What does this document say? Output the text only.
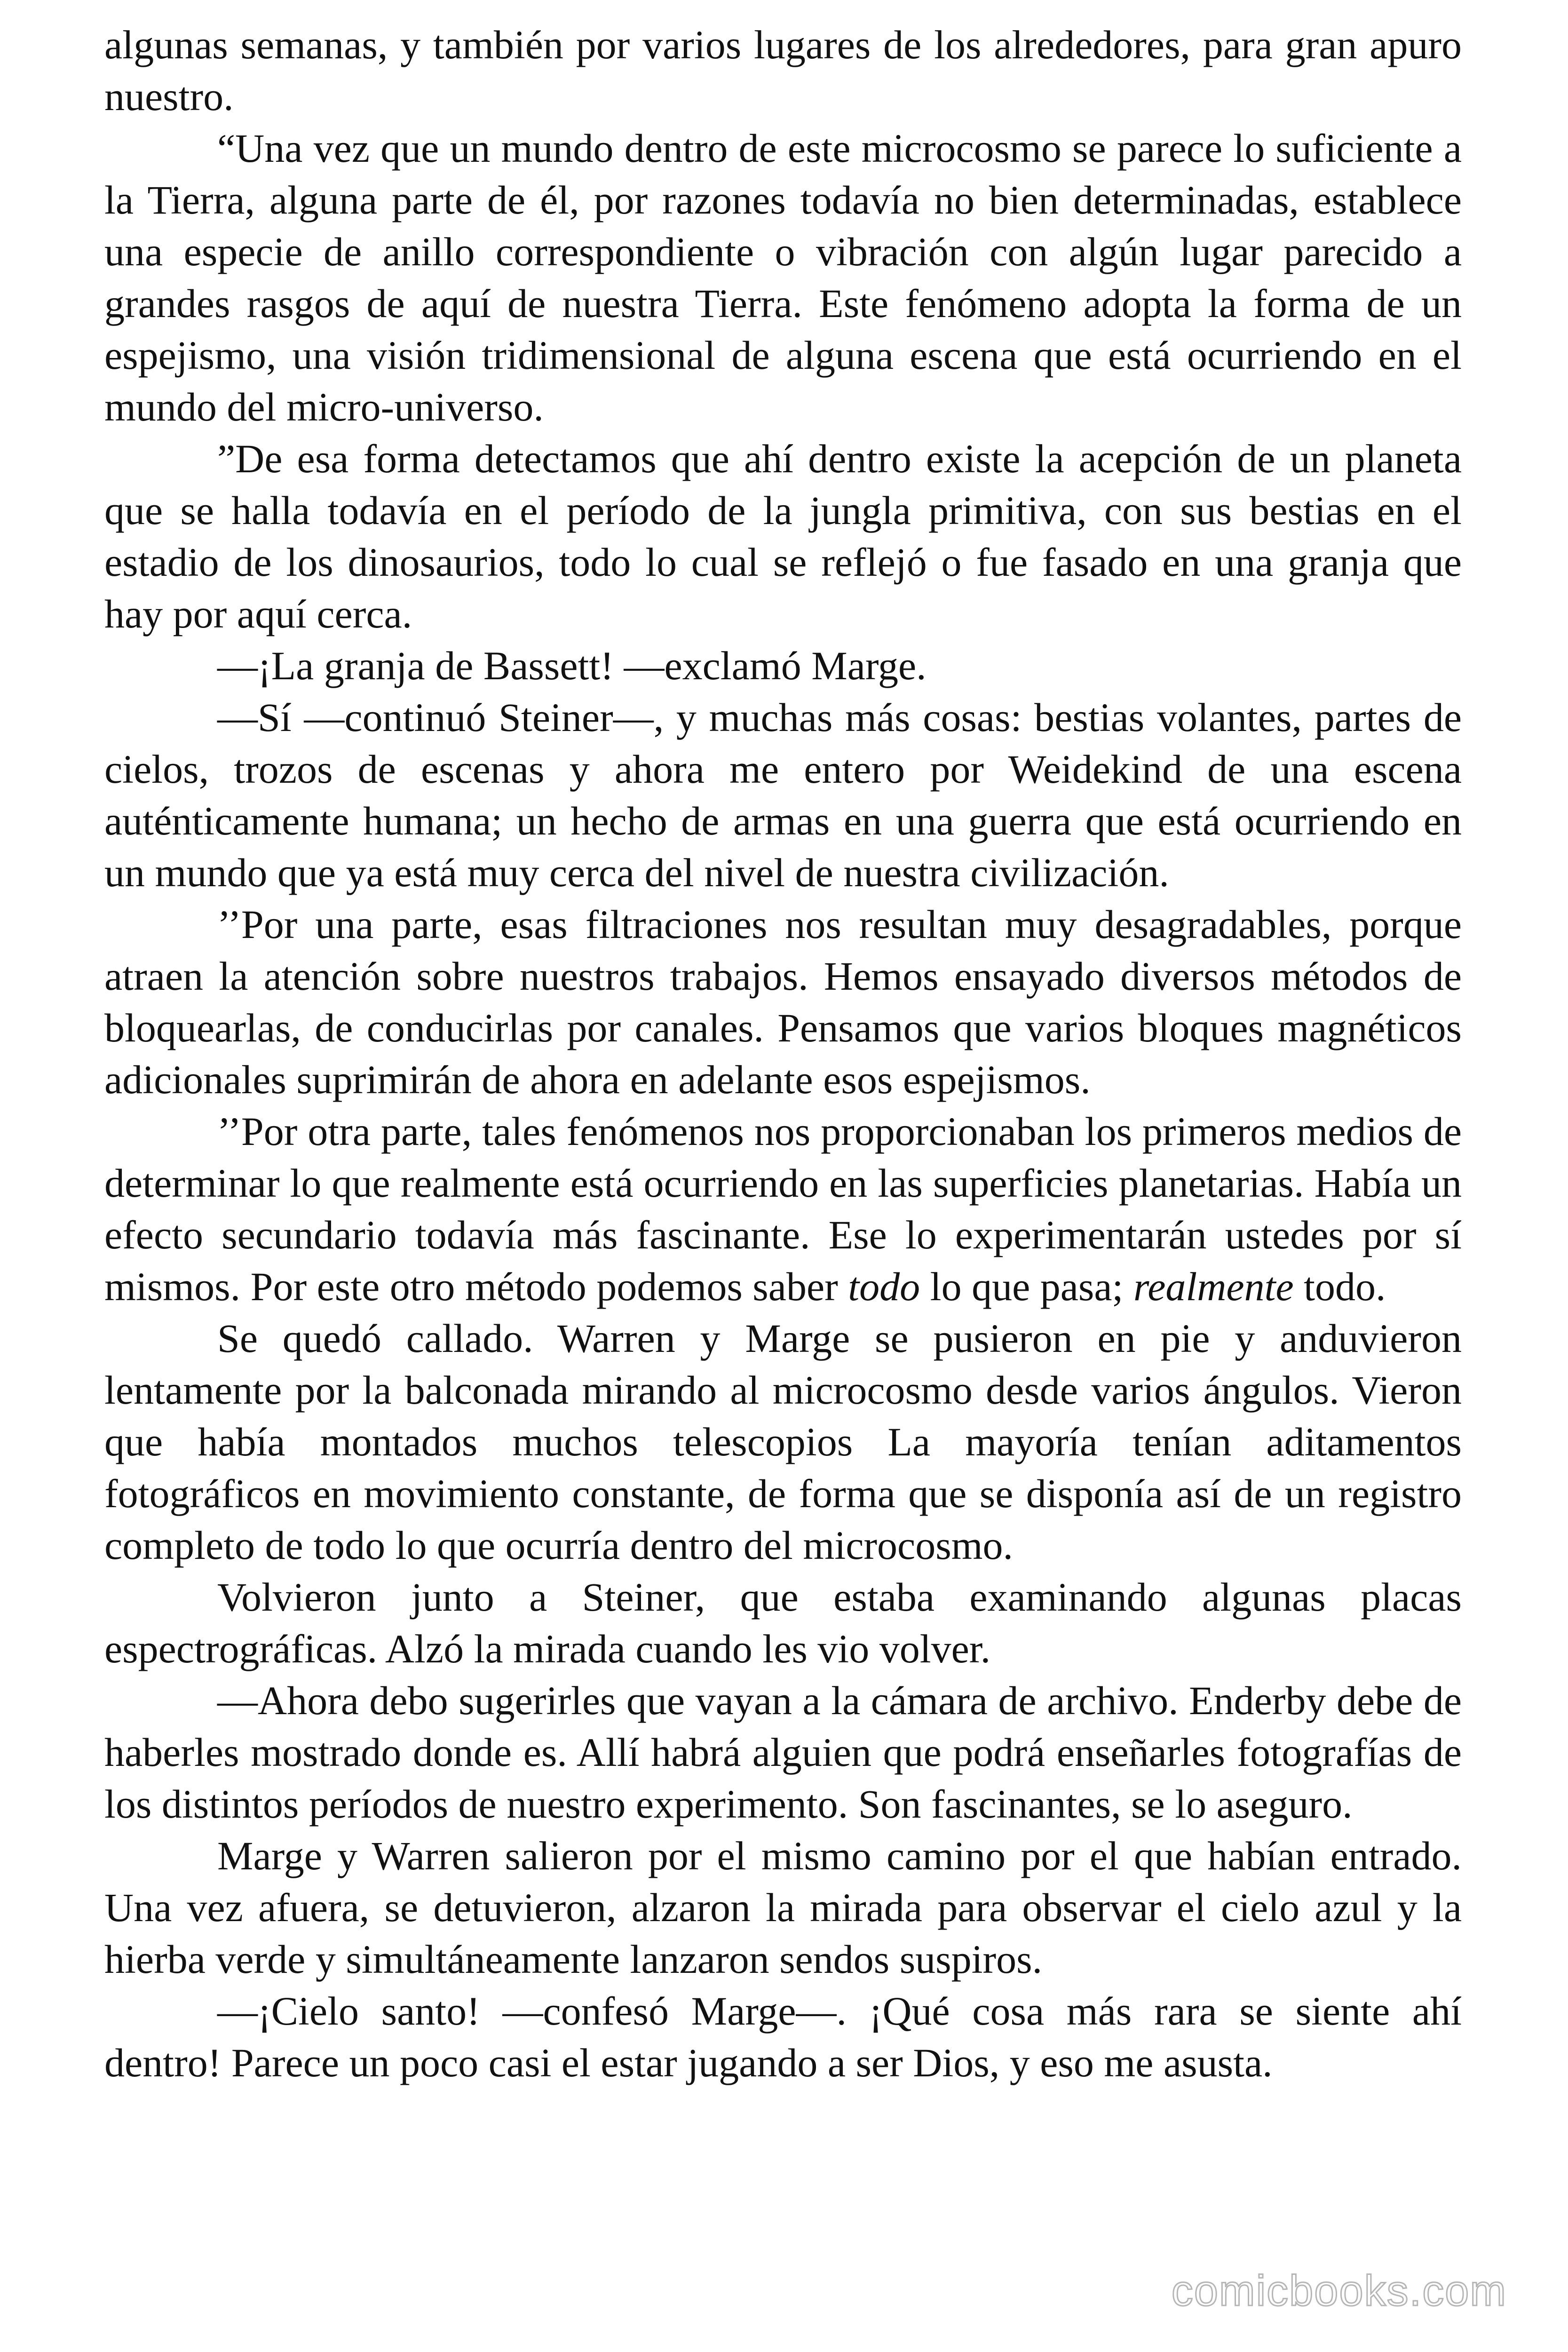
algunas semanas, y también por varios lugares de los alrededores, para gran apuro nuestro.

“Una vez que un mundo dentro de este microcosmo se parece lo suficiente a la Tierra, alguna parte de él, por razones todavía no bien determinadas, establece una especie de anillo correspondiente o vibración con algún lugar parecido a grandes rasgos de aquí de nuestra Tierra. Este fenómeno adopta la forma de un espejismo, una visión tridimensional de alguna escena que está ocurriendo en el mundo del micro-universo.

”De esa forma detectamos que ahí dentro existe la acepción de un planeta que se halla todavía en el período de la jungla primitiva, con sus bestias en el estadio de los dinosaurios, todo lo cual se reflejó o fue fasado en una granja que hay por aquí cerca.

—¡La granja de Bassett! —exclamó Marge.

—Sí —continuó Steiner—, y muchas más cosas: bestias volantes, partes de cielos, trozos de escenas y ahora me entero por Weidekind de una escena auténticamente humana; un hecho de armas en una guerra que está ocurriendo en un mundo que ya está muy cerca del nivel de nuestra civilización.

’’Por una parte, esas filtraciones nos resultan muy desagradables, porque atraen la atención sobre nuestros trabajos. Hemos ensayado diversos métodos de bloquearlas, de conducirlas por canales. Pensamos que varios bloques magnéticos adicionales suprimirán de ahora en adelante esos espejismos.

’’Por otra parte, tales fenómenos nos proporcionaban los primeros medios de determinar lo que realmente está ocurriendo en las superficies planetarias. Había un efecto secundario todavía más fascinante. Ese lo experimentarán ustedes por sí mismos. Por este otro método podemos saber todo lo que pasa; realmente todo.

Se quedó callado. Warren y Marge se pusieron en pie y anduvieron lentamente por la balconada mirando al microcosmo desde varios ángulos. Vieron que había montados muchos telescopios La mayoría tenían aditamentos fotográficos en movimiento constante, de forma que se disponía así de un registro completo de todo lo que ocurría dentro del microcosmo.

Volvieron junto a Steiner, que estaba examinando algunas placas espectrográficas. Alzó la mirada cuando les vio volver.

—Ahora debo sugerirles que vayan a la cámara de archivo. Enderby debe de haberles mostrado donde es. Allí habrá alguien que podrá enseñarles fotografías de los distintos períodos de nuestro experimento. Son fascinantes, se lo aseguro.

Marge y Warren salieron por el mismo camino por el que habían entrado. Una vez afuera, se detuvieron, alzaron la mirada para observar el cielo azul y la hierba verde y simultáneamente lanzaron sendos suspiros.

—¡Cielo santo! —confesó Marge—. ¡Qué cosa más rara se siente ahí dentro! Parece un poco casi el estar jugando a ser Dios, y eso me asusta.

comicbooks.com
